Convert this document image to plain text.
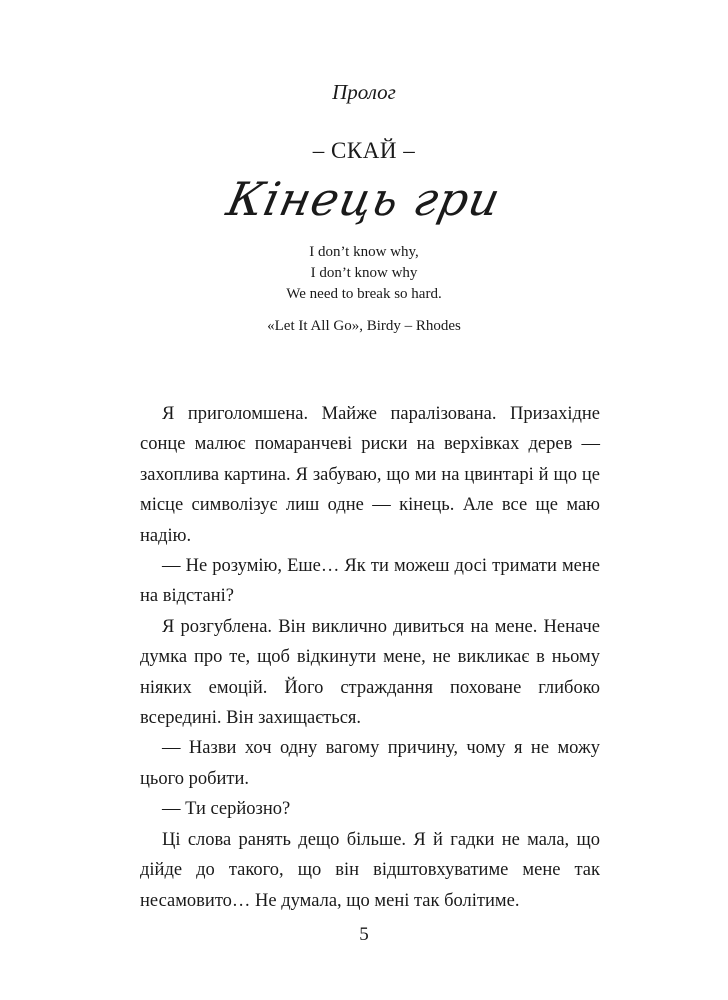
Пролог
– СКАЙ –
Кінець гри
I don’t know why,
I don’t know why
We need to break so hard.
«Let It All Go», Birdy – Rhodes

Я приголомшена. Майже паралізована. Призахідне сонце малює помаранчеві риски на верхівках дерев — захоплива картина. Я забуваю, що ми на цвинтарі й що це місце символізує лиш одне — кінець. Але все ще маю надію.

— Не розумію, Еше… Як ти можеш досі тримати мене на відстані?

Я розгублена. Він виклично дивиться на мене. Неначе думка про те, щоб відкинути мене, не викликає в ньому ніяких емоцій. Його страждання поховане глибоко всередині. Він захищається.

— Назви хоч одну вагому причину, чому я не можу цього робити.

— Ти серйозно?

Ці слова ранять дещо більше. Я й гадки не мала, що дійде до такого, що він відштовхуватиме мене так несамовито… Не думала, що мені так болітиме.

5
